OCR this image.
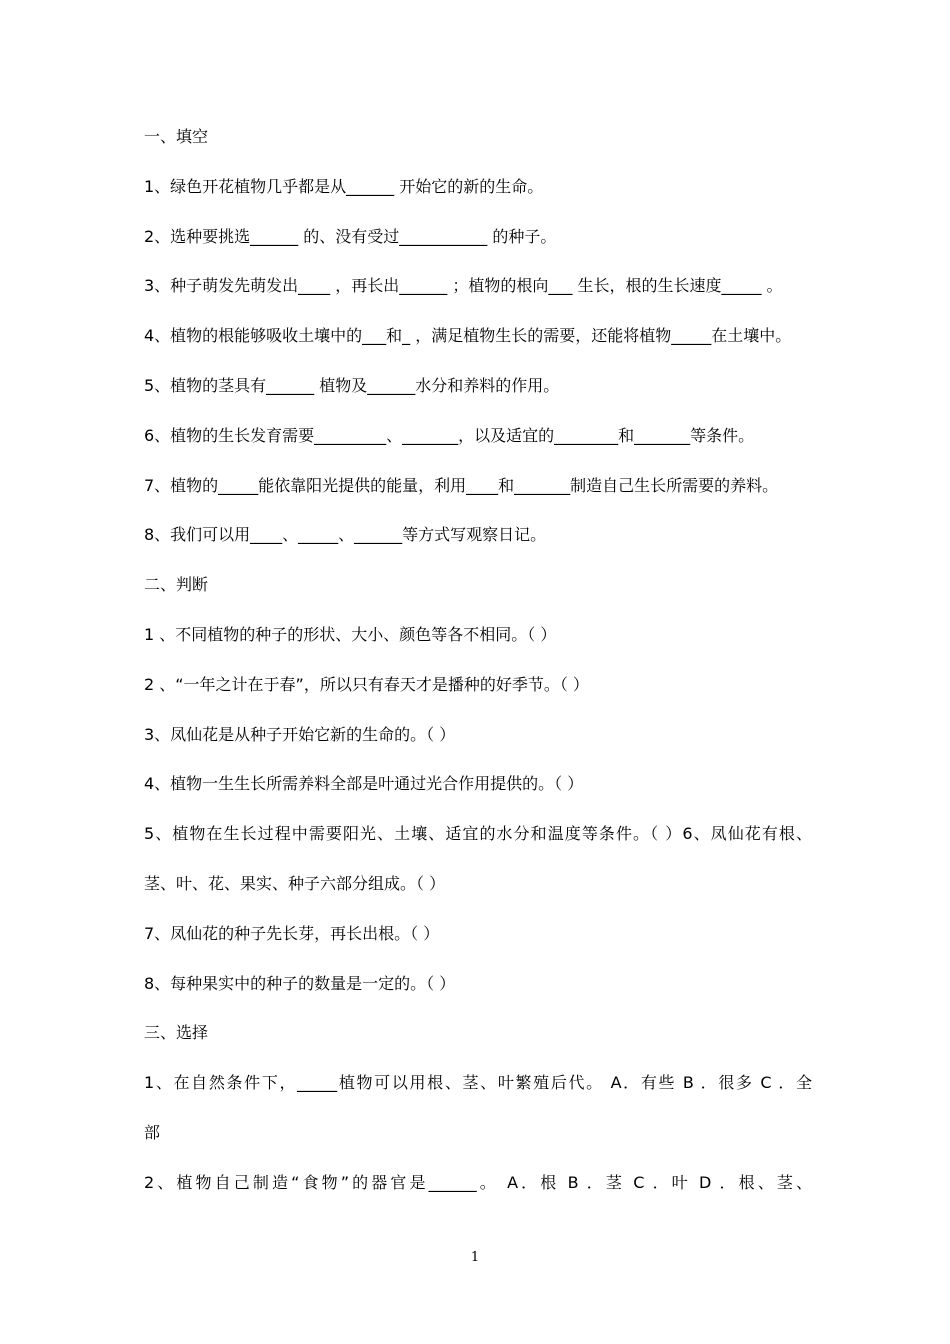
一、填空
1、绿色开花植物几乎都是从______ 开始它的新的生命。
2、选种要挑选______ 的、没有受过___________ 的种子。
3、种子萌发先萌发出____ ，再长出______ ；植物的根向___ 生长，根的生长速度_____ 。
4、植物的根能够吸收土壤中的___和_ ，满足植物生长的需要，还能将植物_____在土壤中。
5、植物的茎具有______ 植物及______水分和养料的作用。
6、植物的生长发育需要_________、_______，以及适宜的________和_______等条件。
7、植物的_____能依靠阳光提供的能量，利用____和_______制造自己生长所需要的养料。
8、我们可以用____、_____、______等方式写观察日记。
二、判断
1 、不同植物的种子的形状、大小、颜色等各不相同。（ ）
2 、“一年之计在于春”，所以只有春天才是播种的好季节。（ ）
3、凤仙花是从种子开始它新的生命的。（ ）
4、植物一生生长所需养料全部是叶通过光合作用提供的。（ ）
5、植物在生长过程中需要阳光、土壤、适宜的水分和温度等条件。（ ）6、凤仙花有根、
茎、叶、花、果实、种子六部分组成。（ ）
7、凤仙花的种子先长芽，再长出根。（ ）
8、每种果实中的种子的数量是一定的。（ ）
三、选择
1、在自然条件下，_____植物可以用根、茎、叶繁殖后代。 A．有些 B ．很多 C ．全
部
2、植物自己制造“食物”的器官是______。 A．根 B ．茎 C ．叶 D ．根、茎、
1
